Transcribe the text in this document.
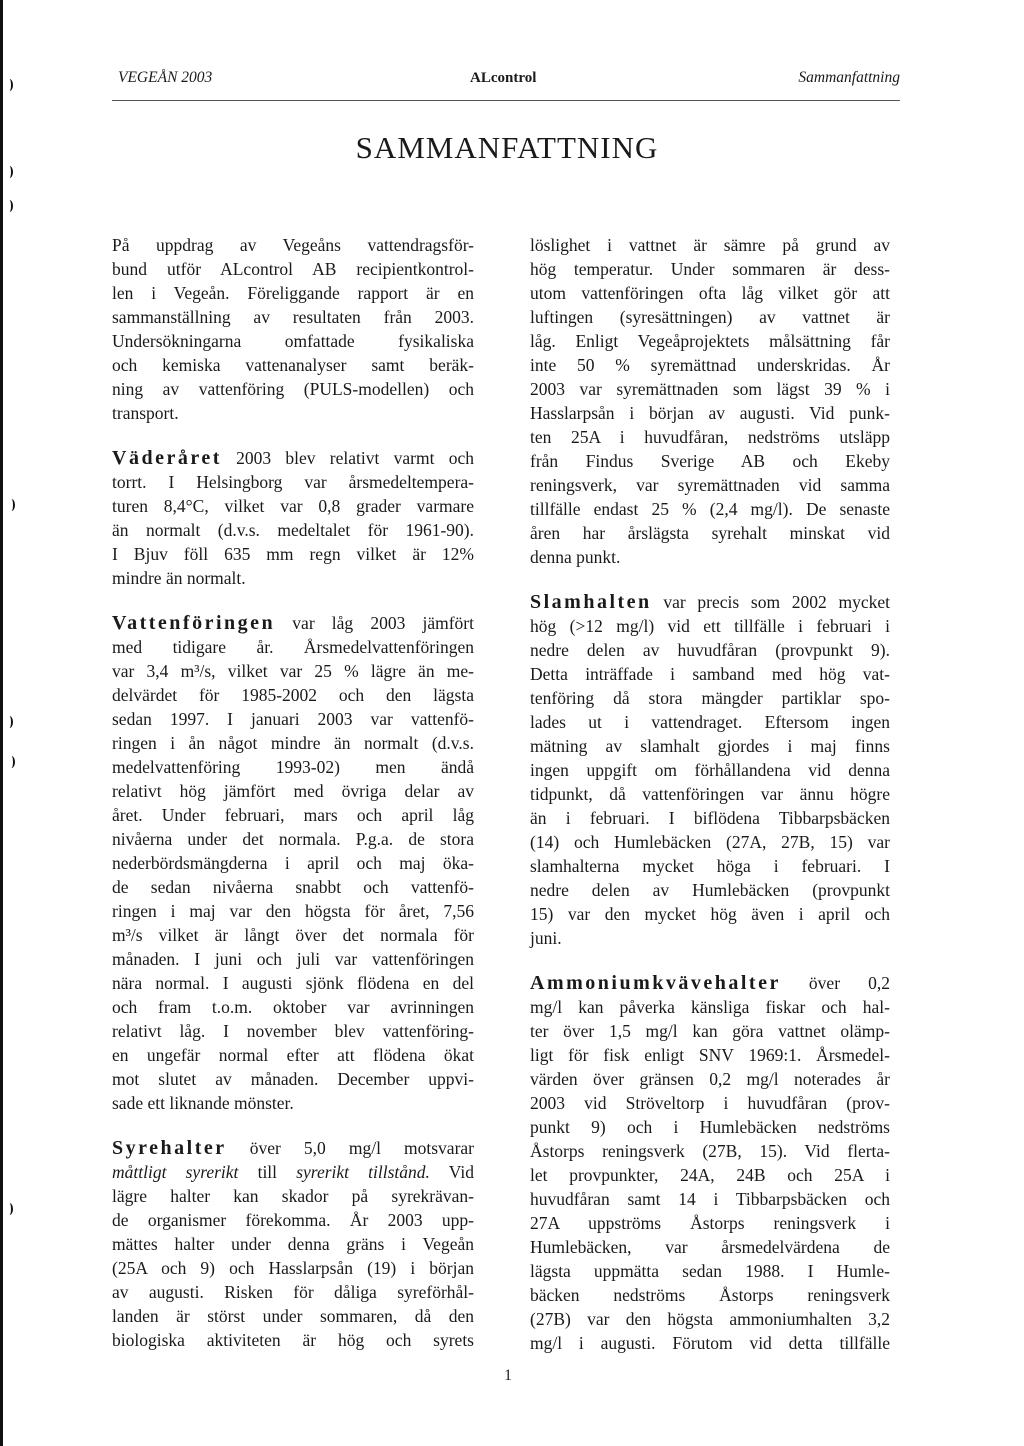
VEGEÅN 2003	ALcontrol	Sammanfattning
SAMMANFATTNING
På uppdrag av Vegeåns vattendragsför-
bund utför ALcontrol AB recipientkontrol-
len i Vegeån. Föreliggande rapport är en
sammanställning av resultaten från 2003.
Undersökningarna omfattade fysikaliska
och kemiska vattenanalyser samt beräk-
ning av vattenföring (PULS-modellen) och
transport.
Väderåret 2003 blev relativt varmt och
torrt. I Helsingborg var årsmedeltempera-
turen 8,4°C, vilket var 0,8 grader varmare
än normalt (d.v.s. medeltalet för 1961-90).
I Bjuv föll 635 mm regn vilket är 12%
mindre än normalt.
Vattenföringen var låg 2003 jämfört
med tidigare år. Årsmedelvattenföringen
var 3,4 m³/s, vilket var 25 % lägre än me-
delvärdet för 1985-2002 och den lägsta
sedan 1997. I januari 2003 var vattenfö-
ringen i ån något mindre än normalt (d.v.s.
medelvattenföring 1993-02) men ändå
relativt hög jämfört med övriga delar av
året. Under februari, mars och april låg
nivåerna under det normala. P.g.a. de stora
nederbördsmängderna i april och maj öka-
de sedan nivåerna snabbt och vattenfö-
ringen i maj var den högsta för året, 7,56
m³/s vilket är långt över det normala för
månaden. I juni och juli var vattenföringen
nära normal. I augusti sjönk flödena en del
och fram t.o.m. oktober var avrinningen
relativt låg. I november blev vattenföring-
en ungefär normal efter att flödena ökat
mot slutet av månaden. December uppvi-
sade ett liknande mönster.
Syrehalter över 5,0 mg/l motsvarar
måttligt syrerikt till syrerikt tillstånd. Vid
lägre halter kan skador på syrekrävan-
de organismer förekomma. År 2003 upp-
mättes halter under denna gräns i Vegeån
(25A och 9) och Hasslarpsån (19) i början
av augusti. Risken för dåliga syreförhål-
landen är störst under sommaren, då den
biologiska aktiviteten är hög och syrets
löslighet i vattnet är sämre på grund av
hög temperatur. Under sommaren är dess-
utom vattenföringen ofta låg vilket gör att
luftingen (syresättningen) av vattnet är
låg. Enligt Vegeåprojektets målsättning får
inte 50 % syremättnad underskridas. År
2003 var syremättnaden som lägst 39 % i
Hasslarpsån i början av augusti. Vid punk-
ten 25A i huvudfåran, nedströms utsläpp
från Findus Sverige AB och Ekeby
reningsverk, var syremättnaden vid samma
tillfälle endast 25 % (2,4 mg/l). De senaste
åren har årslägsta syrehalt minskat vid
denna punkt.
Slamhalten var precis som 2002 mycket
hög (>12 mg/l) vid ett tillfälle i februari i
nedre delen av huvudfåran (provpunkt 9).
Detta inträffade i samband med hög vat-
tenföring då stora mängder partiklar spo-
lades ut i vattendraget. Eftersom ingen
mätning av slamhalt gjordes i maj finns
ingen uppgift om förhållandena vid denna
tidpunkt, då vattenföringen var ännu högre
än i februari. I biflödena Tibbarpsbäcken
(14) och Humlebäcken (27A, 27B, 15) var
slamhalterna mycket höga i februari. I
nedre delen av Humlebäcken (provpunkt
15) var den mycket hög även i april och
juni.
Ammoniumkvävehalter över 0,2
mg/l kan påverka känsliga fiskar och hal-
ter över 1,5 mg/l kan göra vattnet olämp-
ligt för fisk enligt SNV 1969:1. Årsmedel-
värden över gränsen 0,2 mg/l noterades år
2003 vid Ströveltorp i huvudfåran (prov-
punkt 9) och i Humlebäcken nedströms
Åstorps reningsverk (27B, 15). Vid flerta-
let provpunkter, 24A, 24B och 25A i
huvudfåran samt 14 i Tibbarpsbäcken och
27A uppströms Åstorps reningsverk i
Humlebäcken, var årsmedelvärdena de
lägsta uppmätta sedan 1988. I Humle-
bäcken nedströms Åstorps reningsverk
(27B) var den högsta ammoniumhalten 3,2
mg/l i augusti. Förutom vid detta tillfälle
1
